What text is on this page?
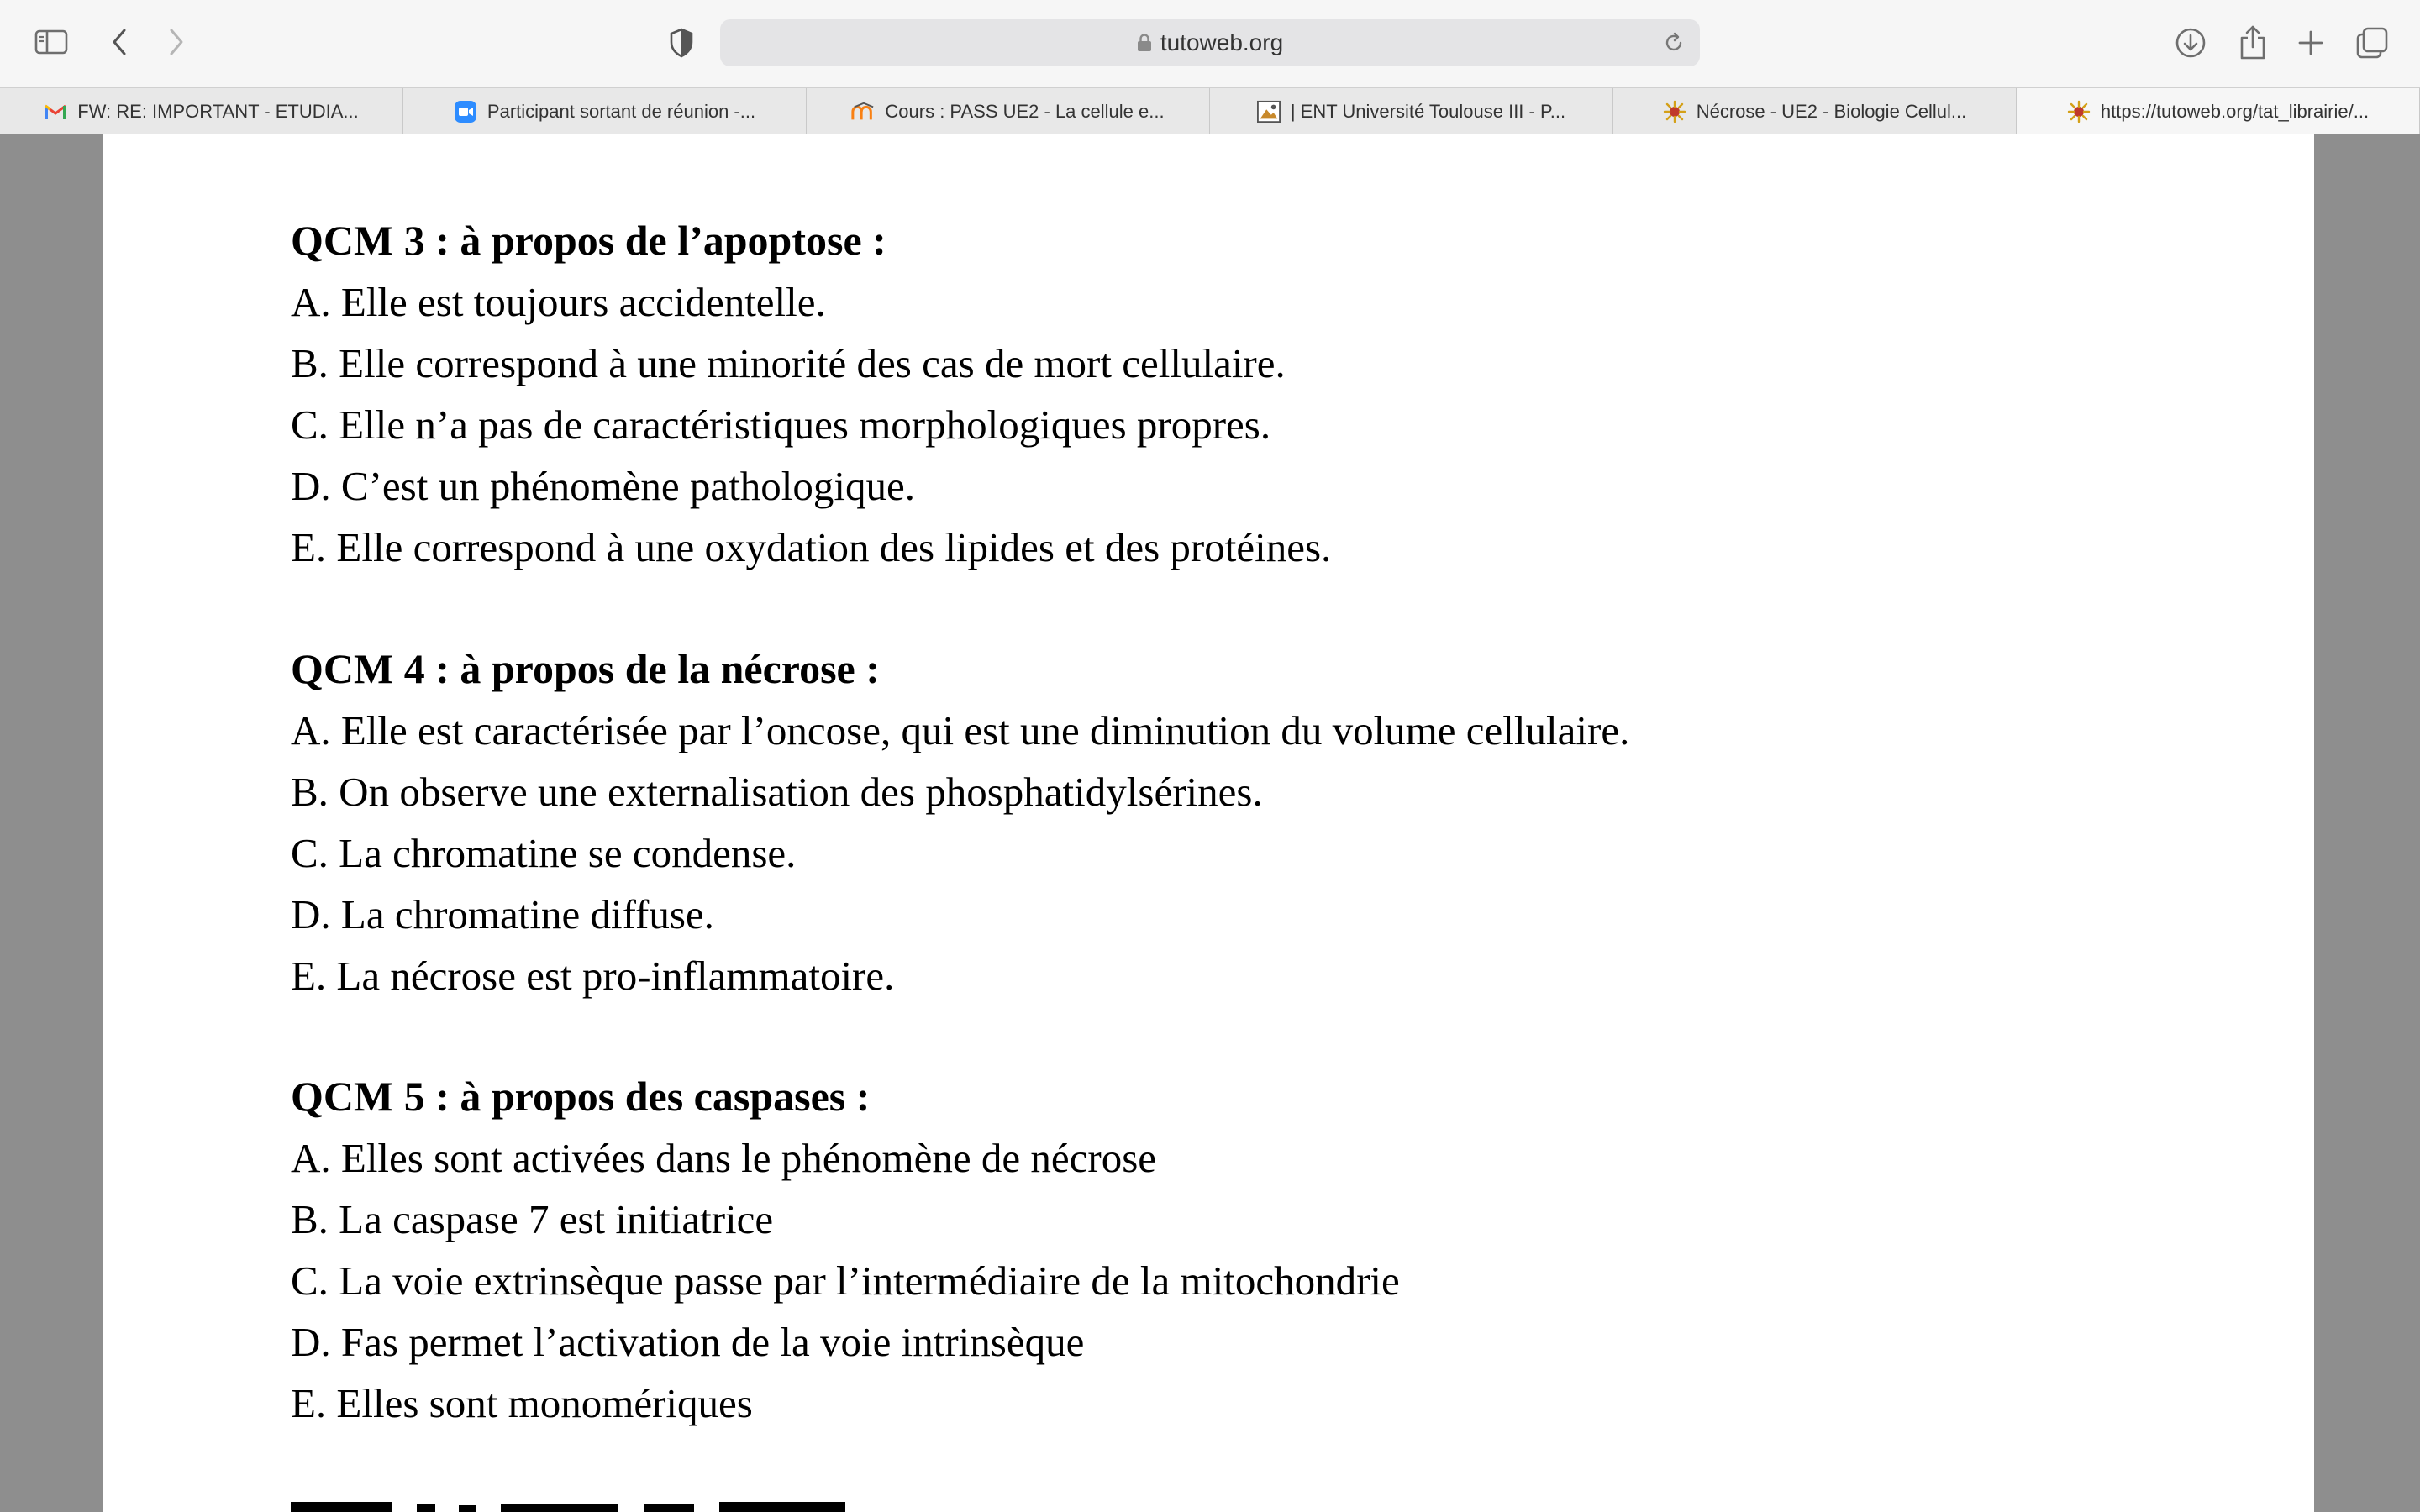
tutoweb.org
FW: RE: IMPORTANT - ETUDIA...	Participant sortant de réunion -...	Cours : PASS UE2 - La cellule e...	| ENT Université Toulouse III - P...	Nécrose - UE2 - Biologie Cellul...	https://tutoweb.org/tat_librairie/...
QCM 3 : à propos de l’apoptose :
A. Elle est toujours accidentelle.
B. Elle correspond à une minorité des cas de mort cellulaire.
C. Elle n’a pas de caractéristiques morphologiques propres.
D. C’est un phénomène pathologique.
E. Elle correspond à une oxydation des lipides et des protéines.
QCM 4 : à propos de la nécrose :
A. Elle est caractérisée par l’oncose, qui est une diminution du volume cellulaire.
B. On observe une externalisation des phosphatidylsérines.
C. La chromatine se condense.
D. La chromatine diffuse.
E. La nécrose est pro-inflammatoire.
QCM 5 : à propos des caspases :
A. Elles sont activées dans le phénomène de nécrose
B. La caspase 7 est initiatrice
C. La voie extrinsèque passe par l’intermédiaire de la mitochondrie
D. Fas permet l’activation de la voie intrinsèque
E. Elles sont monomériques
